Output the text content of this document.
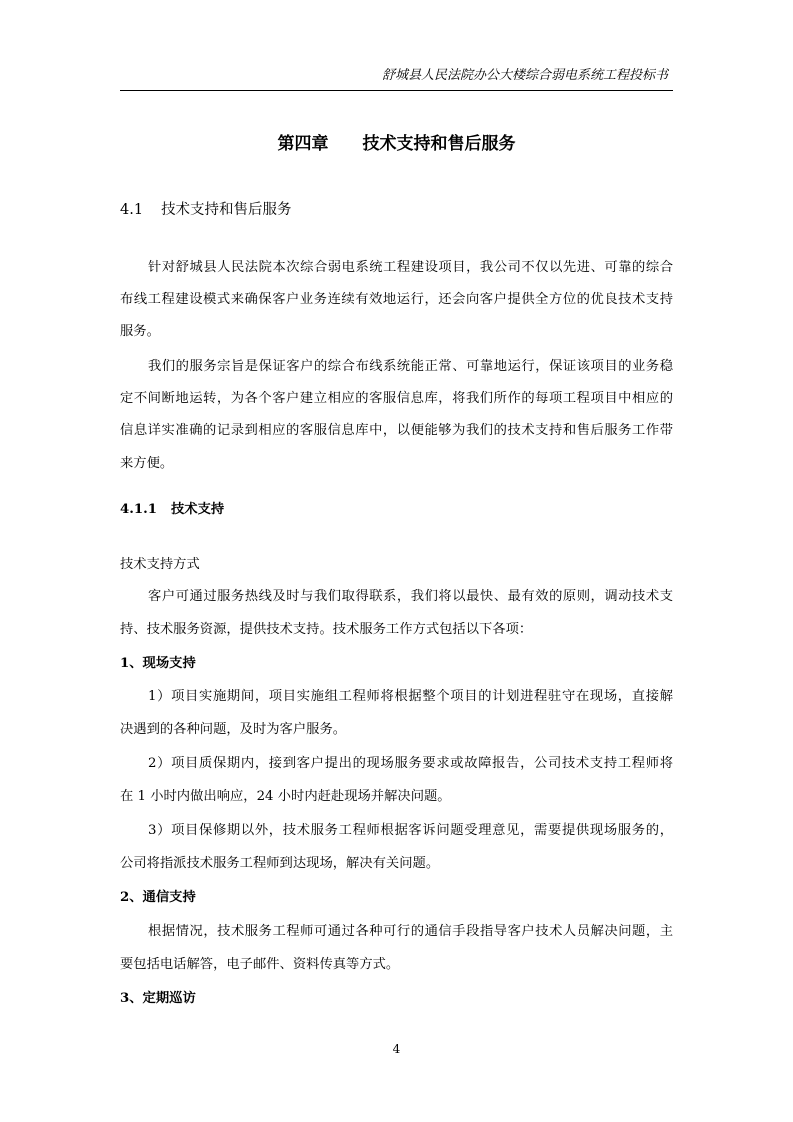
舒城县人民法院办公大楼综合弱电系统工程投标书
第四章 技术支持和售后服务
4.1 技术支持和售后服务
针对舒城县人民法院本次综合弱电系统工程建设项目，我公司不仅以先进、可靠的综合
布线工程建设模式来确保客户业务连续有效地运行，还会向客户提供全方位的优良技术支持
服务。
我们的服务宗旨是保证客户的综合布线系统能正常、可靠地运行，保证该项目的业务稳
定不间断地运转，为各个客户建立相应的客服信息库，将我们所作的每项工程项目中相应的
信息详实准确的记录到相应的客服信息库中，以便能够为我们的技术支持和售后服务工作带
来方便。
4.1.1 技术支持
技术支持方式
客户可通过服务热线及时与我们取得联系，我们将以最快、最有效的原则，调动技术支
持、技术服务资源，提供技术支持。技术服务工作方式包括以下各项：
1、现场支持
1）项目实施期间，项目实施组工程师将根据整个项目的计划进程驻守在现场，直接解
决遇到的各种问题，及时为客户服务。
2）项目质保期内，接到客户提出的现场服务要求或故障报告，公司技术支持工程师将
在 1 小时内做出响应，24 小时内赶赴现场并解决问题。
3）项目保修期以外，技术服务工程师根据客诉问题受理意见，需要提供现场服务的，
公司将指派技术服务工程师到达现场，解决有关问题。
2、通信支持
根据情况，技术服务工程师可通过各种可行的通信手段指导客户技术人员解决问题，主
要包括电话解答，电子邮件、资料传真等方式。
3、定期巡访
4
